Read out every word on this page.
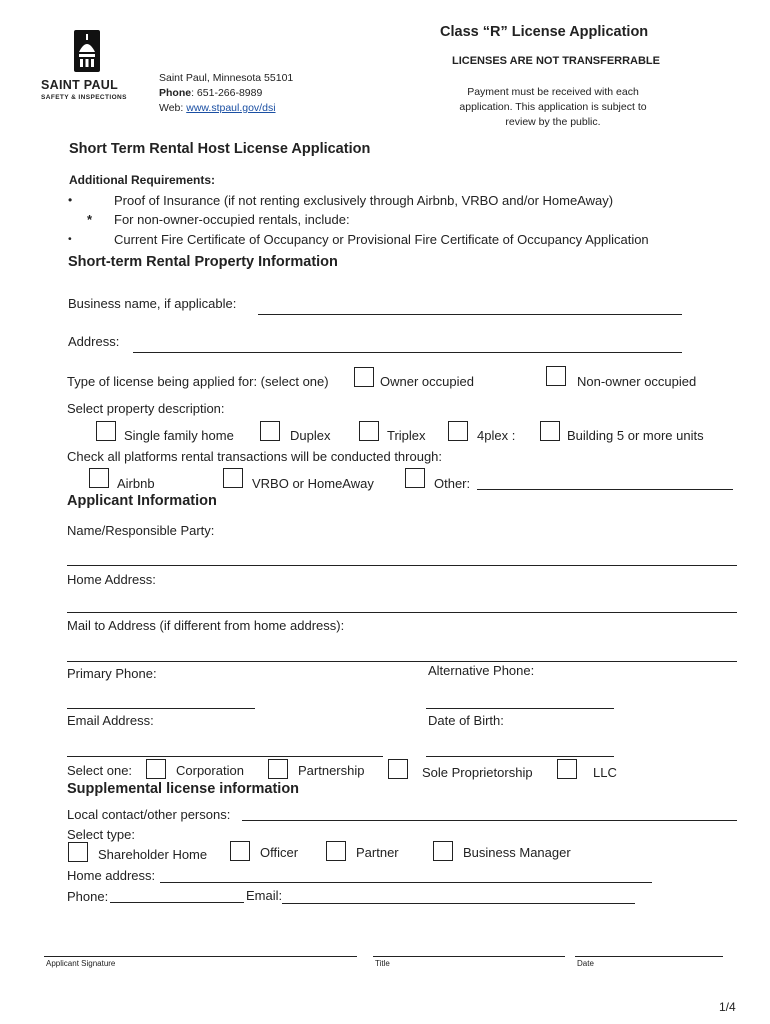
SAINT PAUL
SAFETY & INSPECTIONS
Saint Paul, Minnesota 55101
Phone: 651-266-8989
Web: www.stpaul.gov/dsi
Class “R” License Application
LICENSES ARE NOT TRANSFERRABLE
Payment must be received with each
application. This application is subject to
review by the public.
Short Term Rental Host License Application
Additional Requirements:
•	Proof of Insurance (if not renting exclusively through Airbnb, VRBO and/or HomeAway)
* For non-owner-occupied rentals, include:
•	Current Fire Certificate of Occupancy or Provisional Fire Certificate of Occupancy Application
Short-term Rental Property Information
Business name, if applicable:
Address:
Type of license being applied for: (select one)	Owner occupied	Non-owner occupied
Select property description:
Single family home	Duplex	Triplex	4plex :	Building 5 or more units
Check all platforms rental transactions will be conducted through:
Airbnb	VRBO or HomeAway	Other:
Applicant Information
Name/Responsible Party:
Home Address:
Mail to Address (if different from home address):
Primary Phone:	Alternative Phone:
Email Address:	Date of Birth:
Select one:	Corporation	Partnership	Sole Proprietorship	LLC
Supplemental license information
Local contact/other persons:
Select type:
Shareholder Home	Officer	Partner	Business Manager
Home address:
Phone:	Email:
Applicant Signature	Title	Date
1/4
